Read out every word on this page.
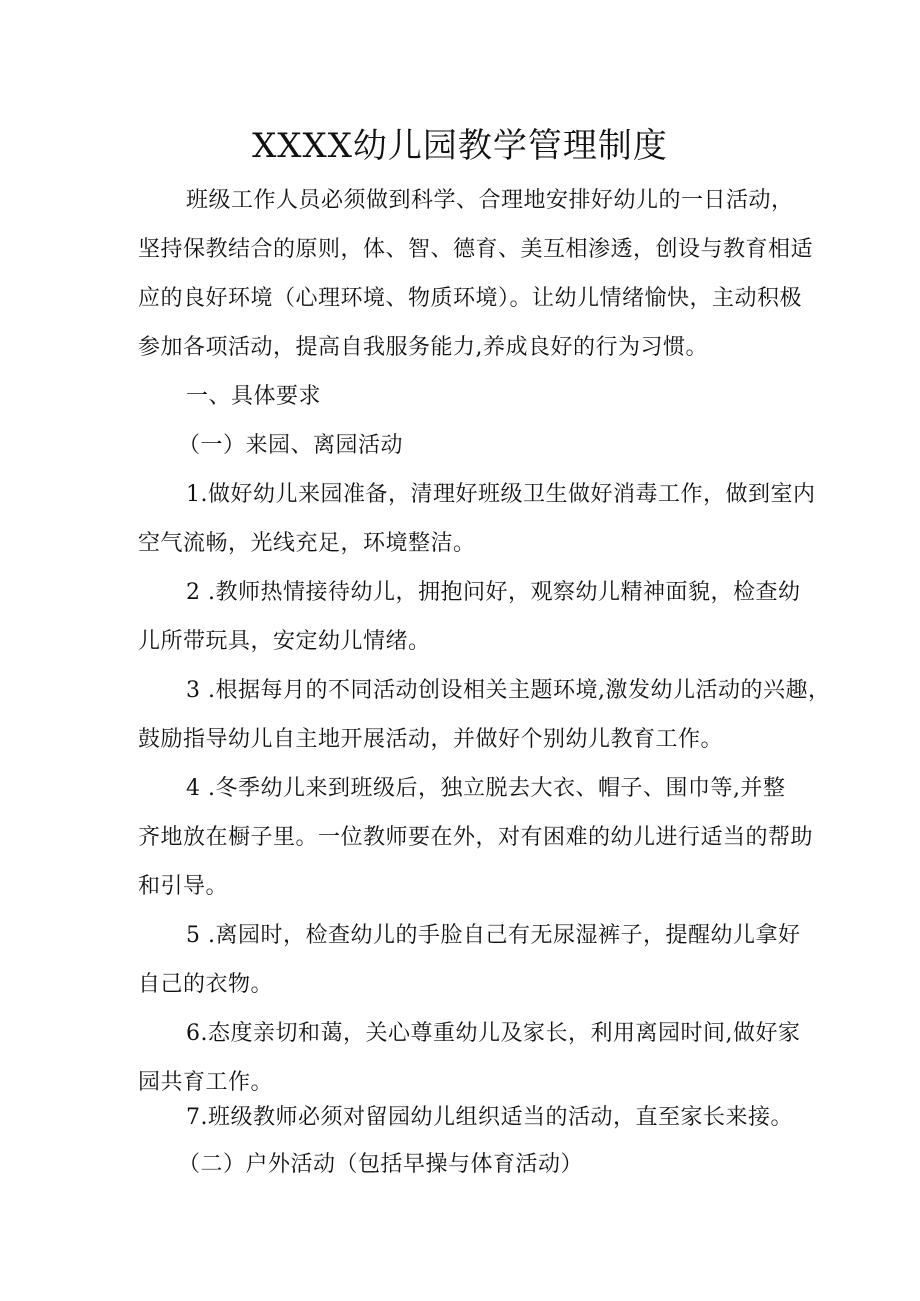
XXXX幼儿园教学管理制度
班级工作人员必须做到科学、合理地安排好幼儿的一日活动，
坚持保教结合的原则，体、智、德育、美互相渗透，创设与教育相适
应的良好环境（心理环境、物质环境）。让幼儿情绪愉快，主动积极
参加各项活动，提高自我服务能力,养成良好的行为习惯。
一、具体要求
（一）来园、离园活动
1.做好幼儿来园准备，清理好班级卫生做好消毒工作，做到室内
空气流畅，光线充足，环境整洁。
2 .教师热情接待幼儿，拥抱问好，观察幼儿精神面貌，检查幼
儿所带玩具，安定幼儿情绪。
3 .根据每月的不同活动创设相关主题环境,激发幼儿活动的兴趣，
鼓励指导幼儿自主地开展活动，并做好个别幼儿教育工作。
4 .冬季幼儿来到班级后，独立脱去大衣、帽子、围巾等,并整
齐地放在橱子里。一位教师要在外，对有困难的幼儿进行适当的帮助
和引导。
5 .离园时，检查幼儿的手脸自己有无尿湿裤子，提醒幼儿拿好
自己的衣物。
6.态度亲切和蔼，关心尊重幼儿及家长，利用离园时间,做好家
园共育工作。
7.班级教师必须对留园幼儿组织适当的活动，直至家长来接。
（二）户外活动（包括早操与体育活动）
